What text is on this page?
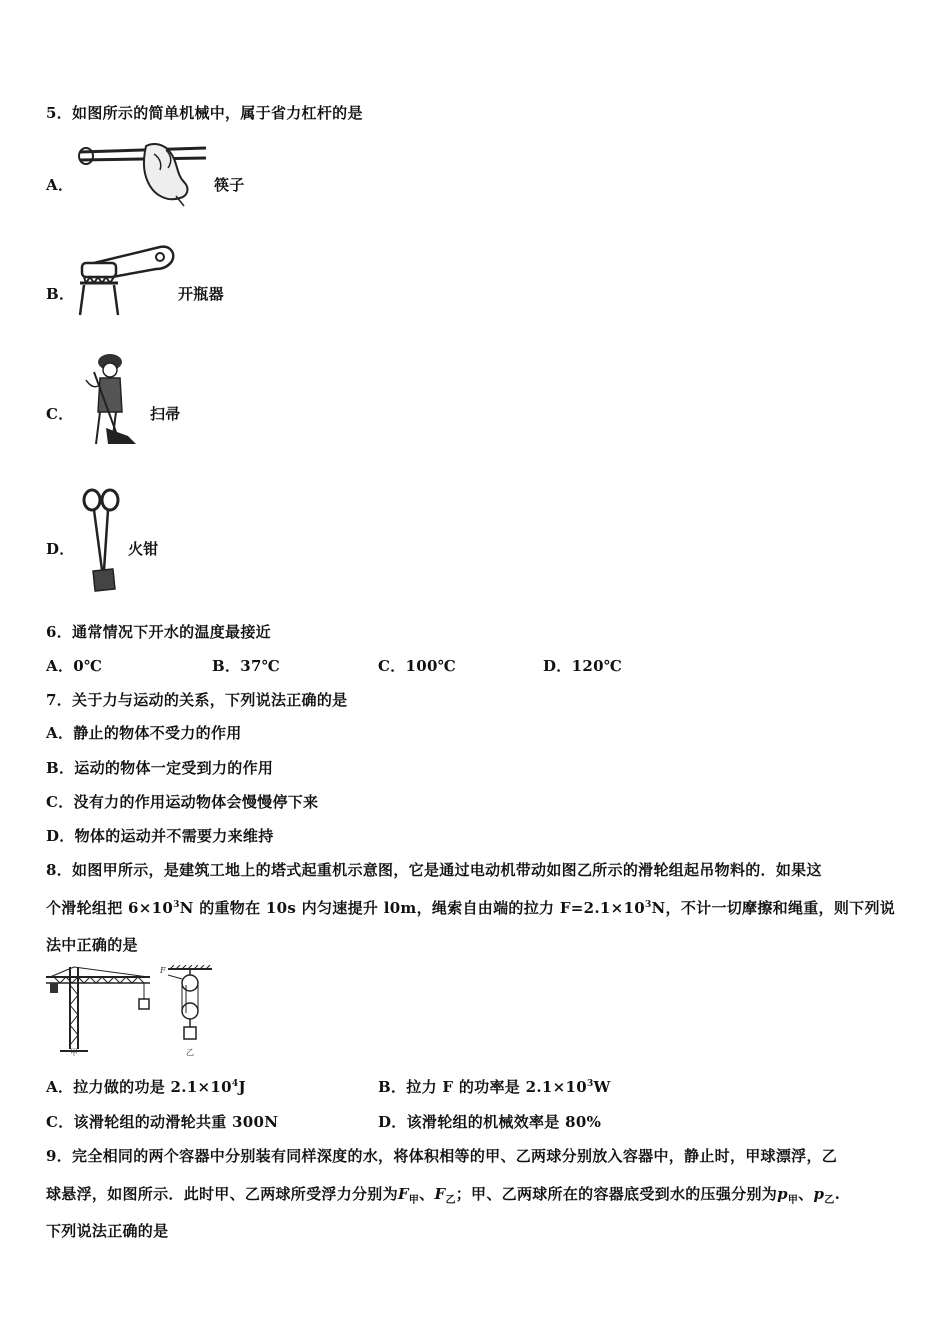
5．如图所示的简单机械中，属于省力杠杆的是
A．	筷子
B．	开瓶器
C．	扫帚
D．	火钳
6．通常情况下开水的温度最接近
A．0℃	B．37℃	C．100℃	D．120℃
7．关于力与运动的关系，下列说法正确的是
A．静止的物体不受力的作用
B．运动的物体一定受到力的作用
C．没有力的作用运动物体会慢慢停下来
D．物体的运动并不需要力来维持
8．如图甲所示，是建筑工地上的塔式起重机示意图，它是通过电动机带动如图乙所示的滑轮组起吊物料的．如果这
个滑轮组把 $6\times 10^3N$ 的重物在 10s 内匀速提升 l0m，绳索自由端的拉力 $F=2.1\times 10^3N$，不计一切摩擦和绳重，则下列说
法中正确的是
甲
F
乙
A．拉力做的功是 $2.1\times 10^4J$	B．拉力 F 的功率是 $2.1\times 10^3W$
C．该滑轮组的动滑轮共重 300N	D．该滑轮组的机械效率是 80%
9．完全相同的两个容器中分别装有同样深度的水，将体积相等的甲、乙两球分别放入容器中，静止时，甲球漂浮，乙
球悬浮，如图所示．此时甲、乙两球所受浮力分别为$F_甲$、$F_乙$；甲、乙两球所在的容器底受到水的压强分别为$p_甲$、$p_乙$.
下列说法正确的是
